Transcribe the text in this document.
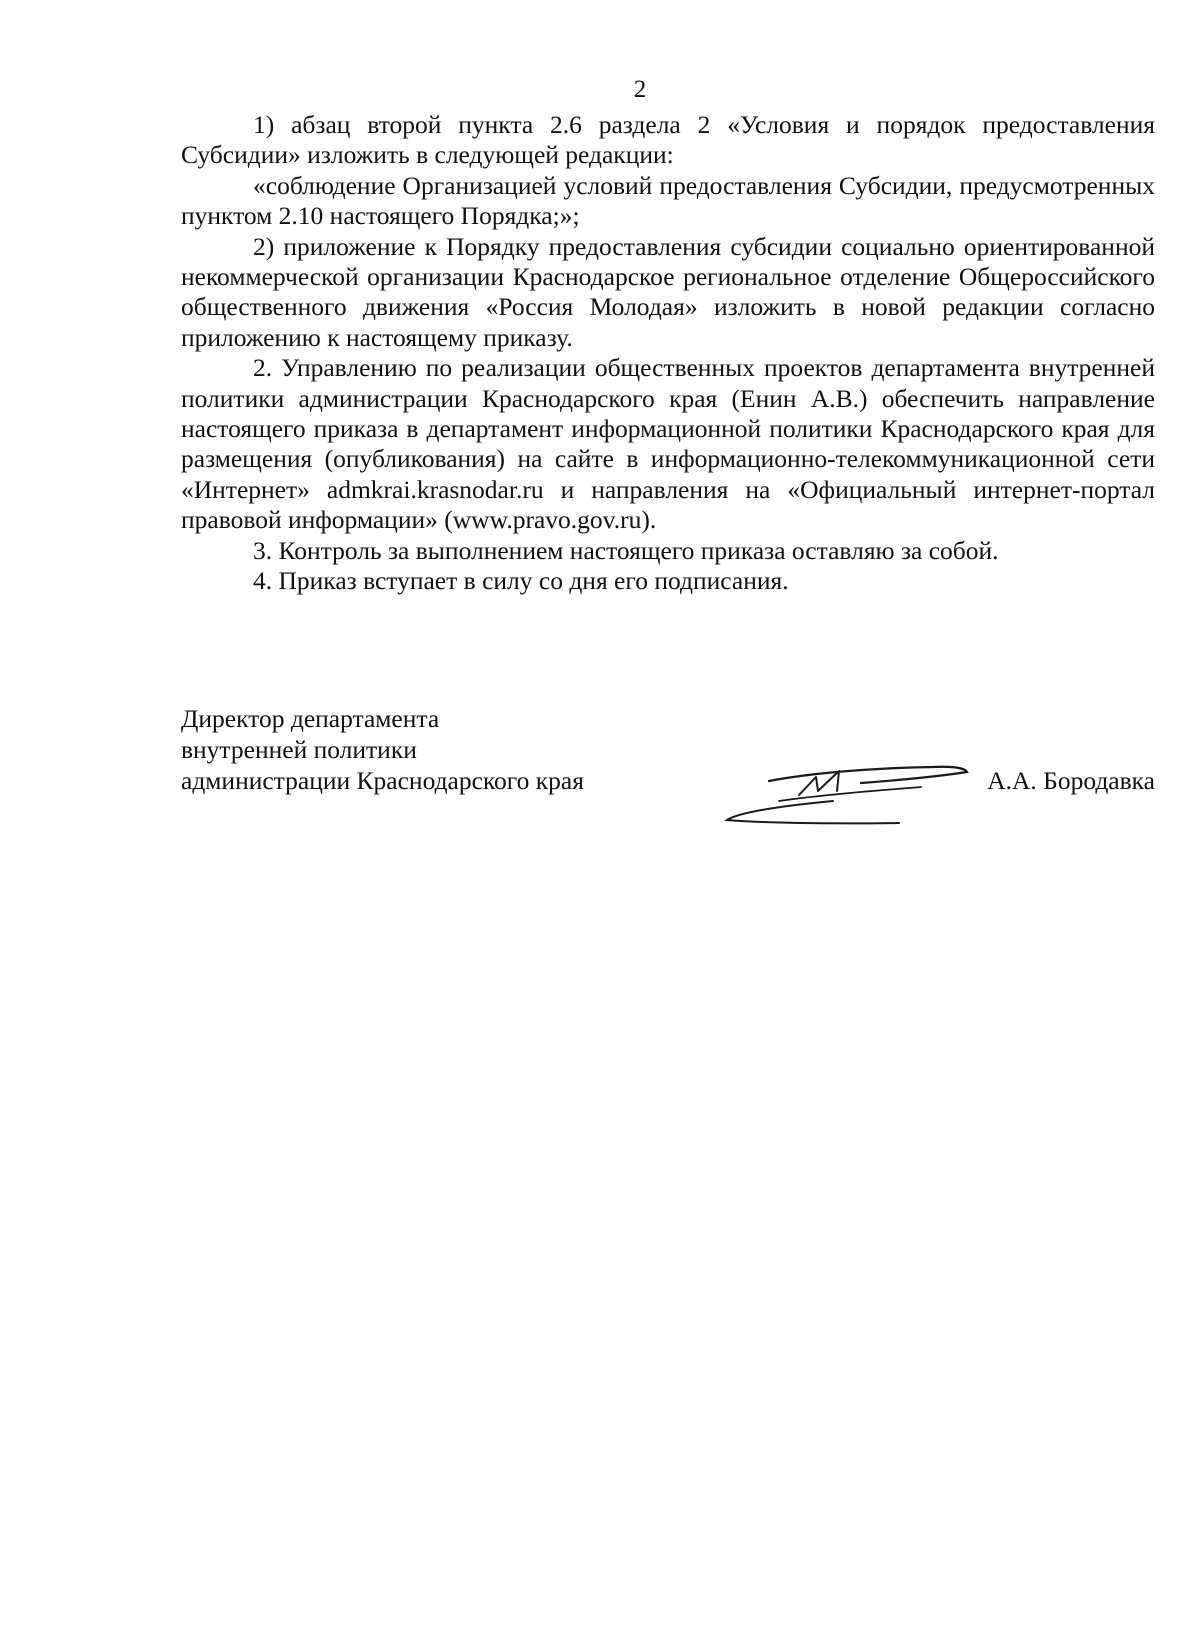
2

1) абзац второй пункта 2.6 раздела 2 «Условия и порядок предоставления Субсидии» изложить в следующей редакции:

«соблюдение Организацией условий предоставления Субсидии, предусмотренных пунктом 2.10 настоящего Порядка;»;

2) приложение к Порядку предоставления субсидии социально ориентированной некоммерческой организации Краснодарское региональное отделение Общероссийского общественного движения «Россия Молодая» изложить в новой редакции согласно приложению к настоящему приказу.

2. Управлению по реализации общественных проектов департамента внутренней политики администрации Краснодарского края (Енин А.В.) обеспечить направление настоящего приказа в департамент информационной политики Краснодарского края для размещения (опубликования) на сайте в информационно-телекоммуникационной сети «Интернет» admkrai.krasnodar.ru и направления на «Официальный интернет-портал правовой информации» (www.pravo.gov.ru).

3. Контроль за выполнением настоящего приказа оставляю за собой.

4. Приказ вступает в силу со дня его подписания.

Директор департамента
внутренней политики
администрации Краснодарского края	А.А. Бородавка
